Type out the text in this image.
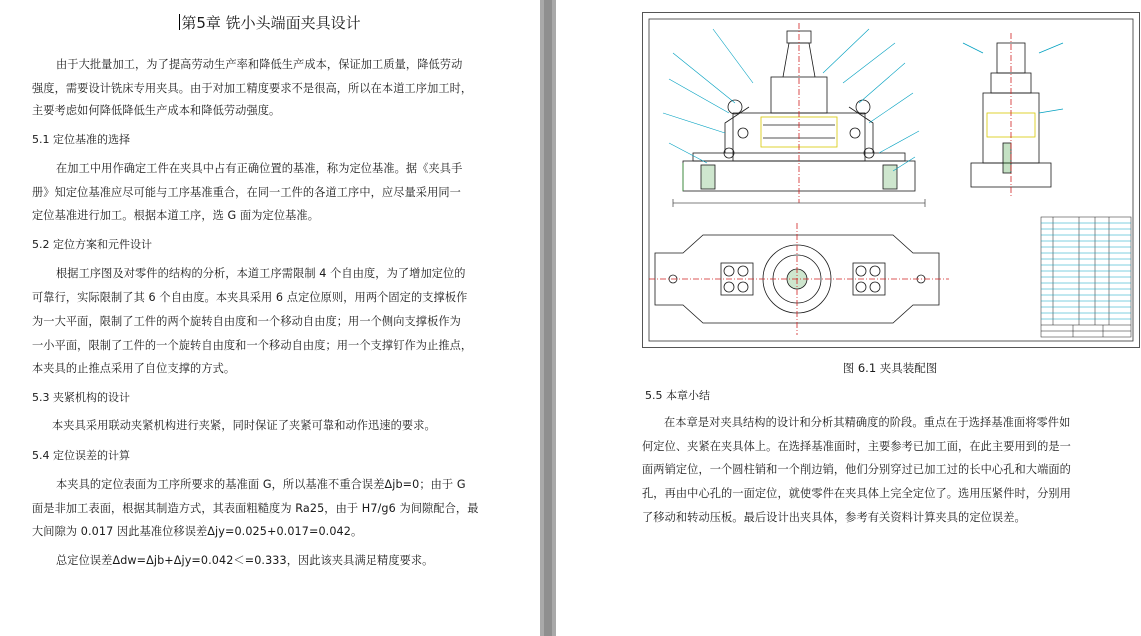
第5章 铣小头端面夹具设计
由于大批量加工，为了提高劳动生产率和降低生产成本，保证加工质量，降低劳动
强度，需要设计铣床专用夹具。由于对加工精度要求不是很高，所以在本道工序加工时，
主要考虑如何降低降低生产成本和降低劳动强度。
5.1 定位基准的选择
在加工中用作确定工件在夹具中占有正确位置的基准，称为定位基准。据《夹具手
册》知定位基准应尽可能与工序基准重合，在同一工件的各道工序中，应尽量采用同一
定位基准进行加工。根据本道工序，选 G 面为定位基准。
5.2 定位方案和元件设计
根据工序图及对零件的结构的分析，本道工序需限制 4 个自由度，为了增加定位的
可靠行，实际限制了其 6 个自由度。本夹具采用 6 点定位原则，用两个固定的支撑板作
为一大平面，限制了工件的两个旋转自由度和一个移动自由度；用一个侧向支撑板作为
一小平面，限制了工件的一个旋转自由度和一个移动自由度；用一个支撑钉作为止推点，
本夹具的止推点采用了自位支撑的方式。
5.3 夹紧机构的设计
本夹具采用联动夹紧机构进行夹紧，同时保证了夹紧可靠和动作迅速的要求。
5.4 定位误差的计算
本夹具的定位表面为工序所要求的基准面 G，所以基准不重合误差Δjb=0；由于 G
面是非加工表面，根据其制造方式，其表面粗糙度为 Ra25，由于 H7/g6 为间隙配合，最
大间隙为 0.017 因此基准位移误差Δjy=0.025+0.017=0.042。
总定位误差Δdw=Δjb+Δjy=0.042＜=0.333，因此该夹具满足精度要求。
图 6.1 夹具装配图
5.5 本章小结
在本章是对夹具结构的设计和分析其精确度的阶段。重点在于选择基准面将零件如
何定位、夹紧在夹具体上。在选择基准面时，主要参考已加工面，在此主要用到的是一
面两销定位，一个圆柱销和一个削边销，他们分别穿过已加工过的长中心孔和大端面的
孔，再由中心孔的一面定位，就使零件在夹具体上完全定位了。选用压紧件时，分别用
了移动和转动压板。最后设计出夹具体，参考有关资料计算夹具的定位误差。
